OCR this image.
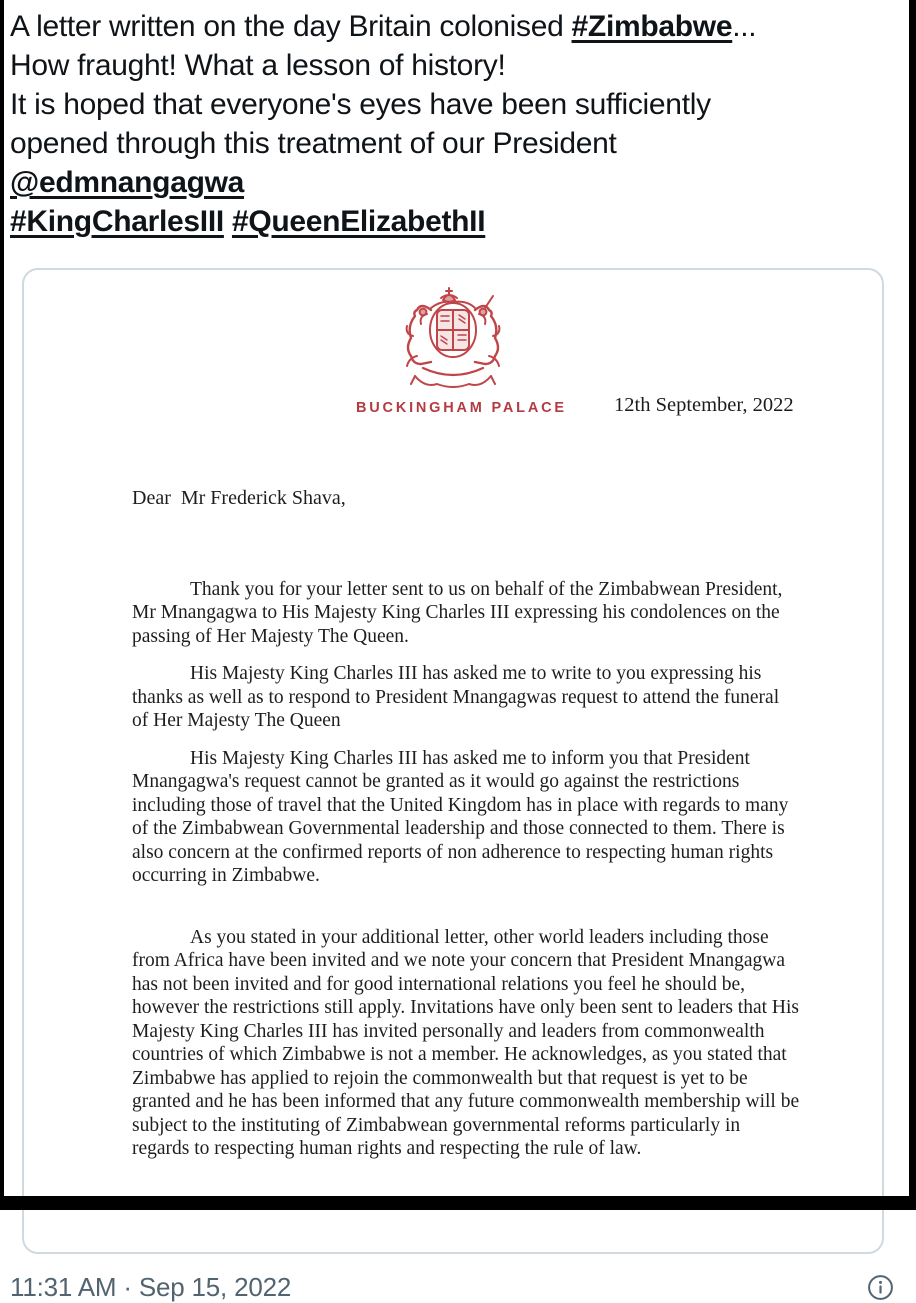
A letter written on the day Britain colonised #Zimbabwe...
How fraught! What a lesson of history!
It is hoped that everyone's eyes have been sufficiently
opened through this treatment of our President
@edmnangagwa
#KingCharlesIII #QueenElizabethII
BUCKINGHAM PALACE 12th September, 2022

Dear  Mr Frederick Shava,

Thank you for your letter sent to us on behalf of the Zimbabwean President,  Mr Mnangagwa to His Majesty King Charles III expressing his condolences on the passing of Her Majesty The Queen.

His Majesty King Charles III has asked me to write to you expressing his thanks as well as to respond to President Mnangagwas request to attend the funeral of Her Majesty The Queen

His Majesty King Charles III has asked me to inform you that President Mnangagwa's request cannot be granted as it would go against the restrictions including those of travel that the United Kingdom has in place with regards to many of the Zimbabwean Governmental leadership and those connected to them. There is also concern at the confirmed reports of non adherence to respecting human rights occurring in Zimbabwe.

As you stated in your additional letter, other world leaders including those from Africa have been invited and we note your concern that President Mnangagwa has not been invited and for good international relations you feel he should be, however the restrictions still apply. Invitations have only been sent to leaders that His Majesty King Charles III has invited personally and leaders from commonwealth countries of which Zimbabwe is not a member. He acknowledges, as you stated that Zimbabwe has applied to rejoin the commonwealth but that request is yet to be granted and he has been informed that any future commonwealth membership will be subject to the instituting of Zimbabwean governmental reforms particularly in regards to respecting human rights and respecting the rule of law.

11:31 AM · Sep 15, 2022
